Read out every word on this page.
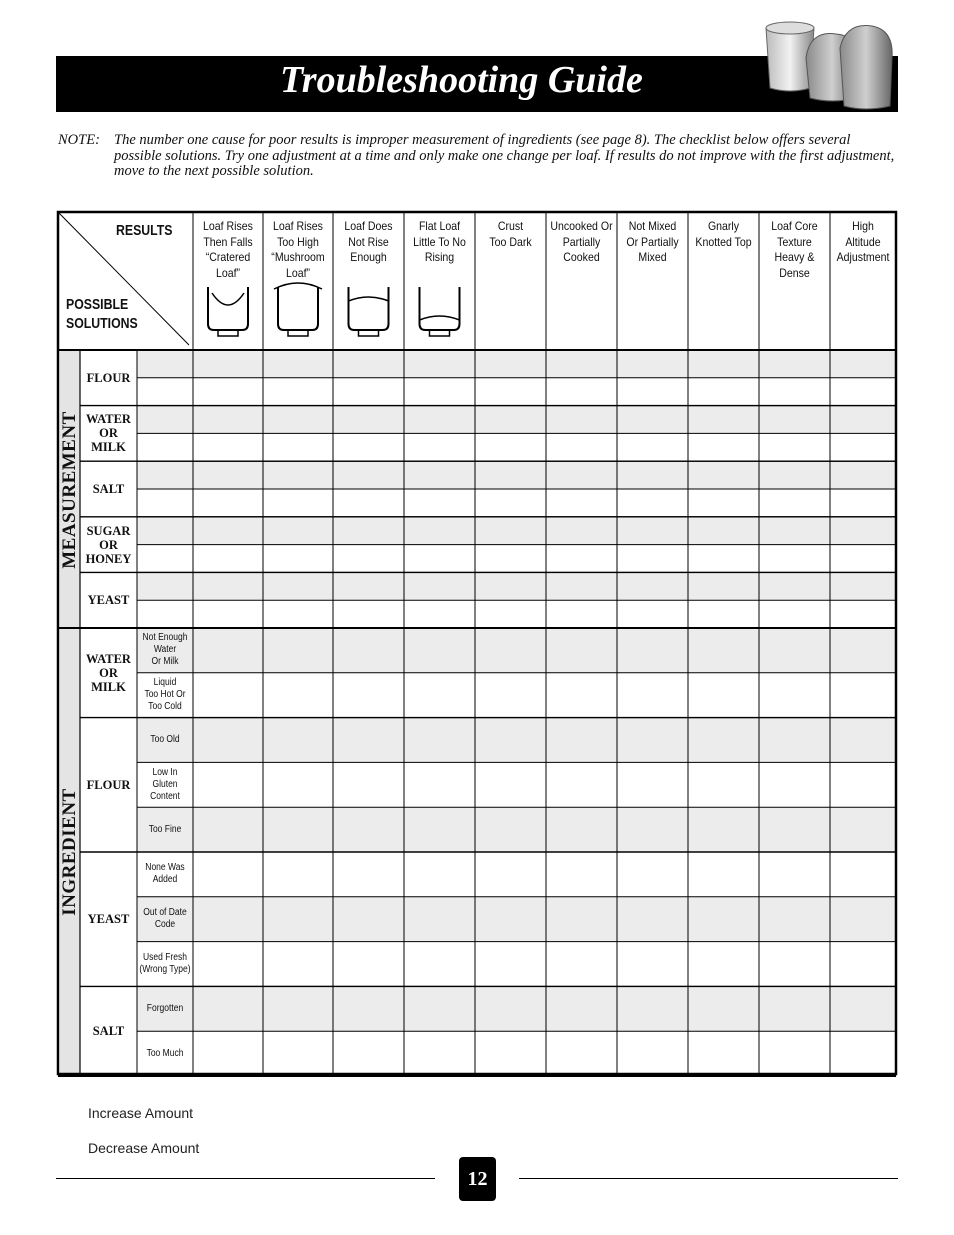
Troubleshooting Guide
NOTE: The number one cause for poor results is improper measurement of ingredients (see page 8). The checklist below offers several possible solutions. Try one adjustment at a time and only make one change per loaf. If results do not improve with the first adjustment, move to the next possible solution.
RESULTS
POSSIBLE
SOLUTIONS
Loaf Rises
Then Falls
“Cratered
Loaf”
Loaf Rises
Too High
“Mushroom
Loaf”
Loaf Does
Not Rise
Enough
Flat Loaf
Little To No
Rising
Crust
Too Dark
Uncooked Or
Partially
Cooked
Not Mixed
Or Partially
Mixed
Gnarly
Knotted Top
Loaf Core
Texture
Heavy &
Dense
High
Altitude
Adjustment
MEASUREMENT
INGREDIENT
FLOUR
WATER
OR
MILK
SALT
SUGAR
OR
HONEY
YEAST
WATER
OR
MILK
FLOUR
YEAST
SALT
Not Enough
Water
Or Milk
Liquid
Too Hot Or
Too Cold
Too Old
Low In
Gluten
Content
Too Fine
None Was
Added
Out of Date
Code
Used Fresh
(Wrong Type)
Forgotten
Too Much
Increase Amount
Decrease Amount
12
